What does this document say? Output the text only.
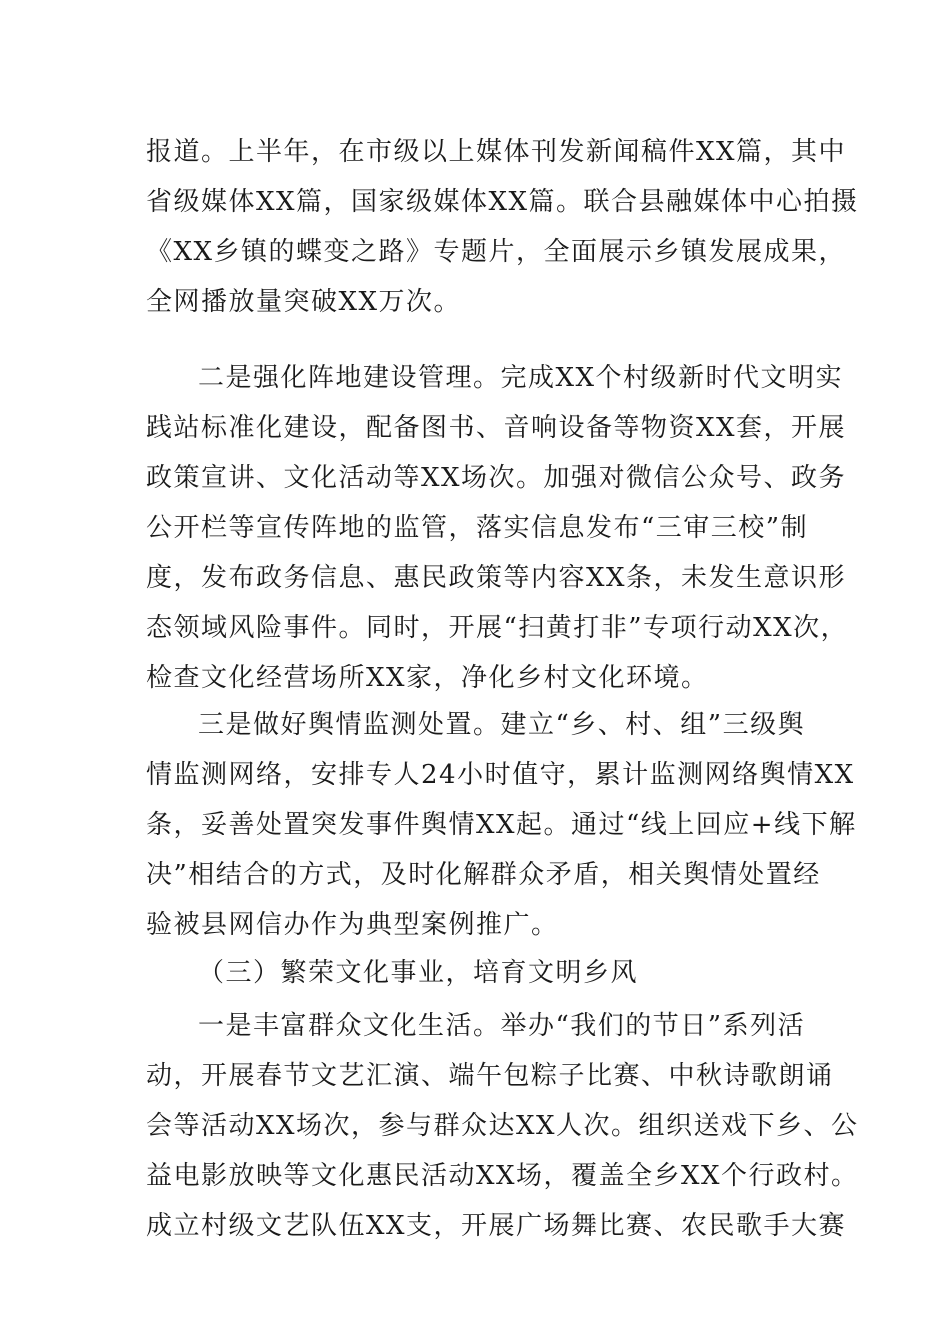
报道。上半年，在市级以上媒体刊发新闻稿件XX篇，其中
省级媒体XX篇，国家级媒体XX篇。联合县融媒体中心拍摄
《XX乡镇的蝶变之路》专题片，全面展示乡镇发展成果，
全网播放量突破XX万次。
二是强化阵地建设管理。完成XX个村级新时代文明实
践站标准化建设，配备图书、音响设备等物资XX套，开展
政策宣讲、文化活动等XX场次。加强对微信公众号、政务
公开栏等宣传阵地的监管，落实信息发布“三审三校”制
度，发布政务信息、惠民政策等内容XX条，未发生意识形
态领域风险事件。同时，开展“扫黄打非”专项行动XX次，
检查文化经营场所XX家，净化乡村文化环境。
三是做好舆情监测处置。建立“乡、村、组”三级舆
情监测网络，安排专人24小时值守，累计监测网络舆情XX
条，妥善处置突发事件舆情XX起。通过“线上回应+线下解
决”相结合的方式，及时化解群众矛盾，相关舆情处置经
验被县网信办作为典型案例推广。
（三）繁荣文化事业，培育文明乡风
一是丰富群众文化生活。举办“我们的节日”系列活
动，开展春节文艺汇演、端午包粽子比赛、中秋诗歌朗诵
会等活动XX场次，参与群众达XX人次。组织送戏下乡、公
益电影放映等文化惠民活动XX场，覆盖全乡XX个行政村。
成立村级文艺队伍XX支，开展广场舞比赛、农民歌手大赛
